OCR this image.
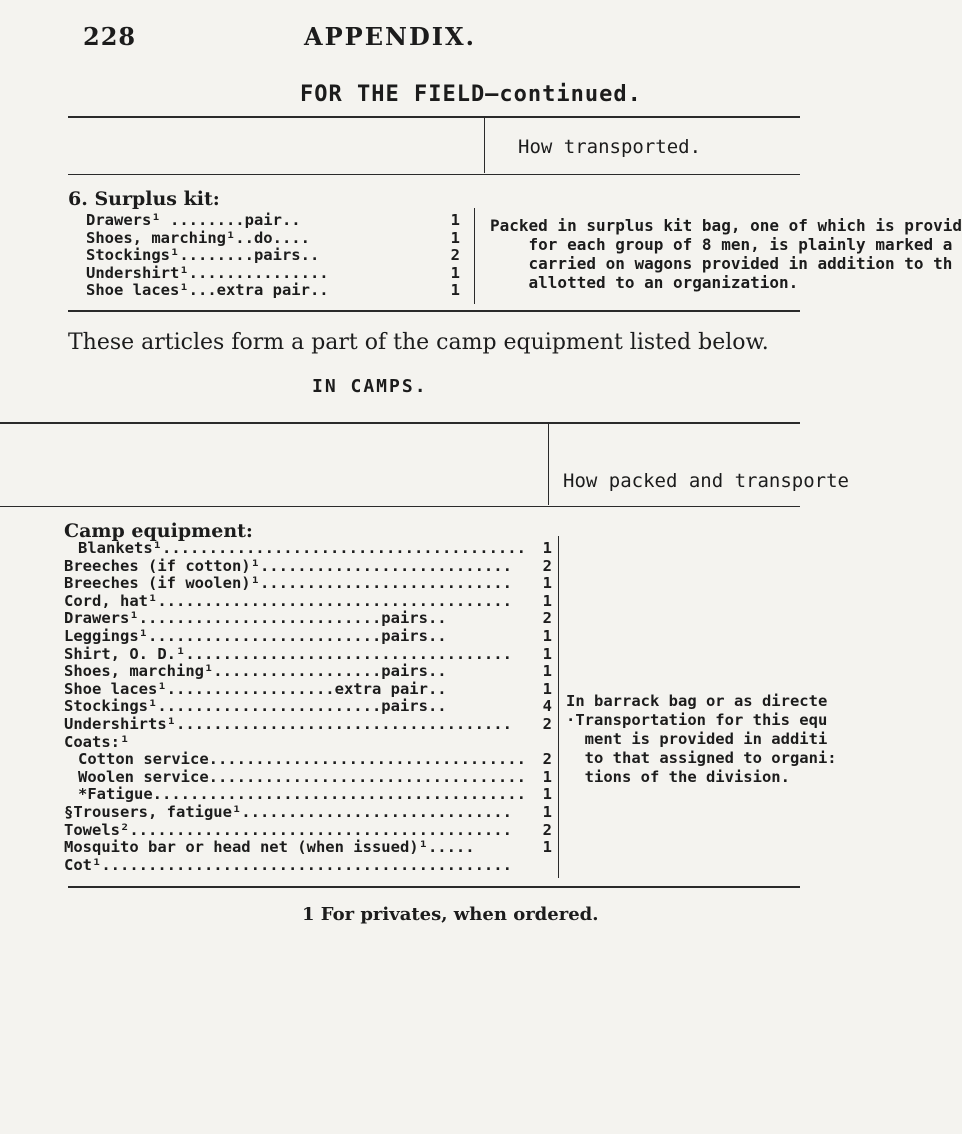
228	APPENDIX.
FOR THE FIELD—continued.
How transported.
6. Surplus kit:
Drawers¹ ........pair..	1
Shoes, marching¹..do....	1
Stockings¹........pairs..	2
Undershirt¹...............	1
Shoe laces¹...extra pair..	1
Packed in surplus kit bag, one of which is provid
for each group of 8 men, is plainly marked a
carried on wagons provided in addition to th
allotted to an organization.
These articles form a part of the camp equipment listed below.
IN CAMPS.
How packed and transporte
Camp equipment:
Blankets¹....................................... 1
Breeches (if cotton)¹........................... 2
Breeches (if woolen)¹........................... 1
Cord, hat¹...................................... 1
Drawers¹..........................pairs..	2
Leggings¹.........................pairs..	1
Shirt, O. D.¹................................... 1
Shoes, marching¹..................pairs..	1
Shoe laces¹..................extra pair..	1
Stockings¹........................pairs..	4
Undershirts¹.................................... 2
Coats:¹
Cotton service.................................. 2
Woolen service.................................. 1
*Fatigue........................................ 1
§Trousers, fatigue¹............................. 1
Towels²......................................... 2
Mosquito bar or head net (when issued)¹.....	1
Cot¹............................................
In barrack bag or as directe
·Transportation for this equ
ment is provided in additi
to that assigned to organi:
tions of the division.
1 For privates, when ordered.
